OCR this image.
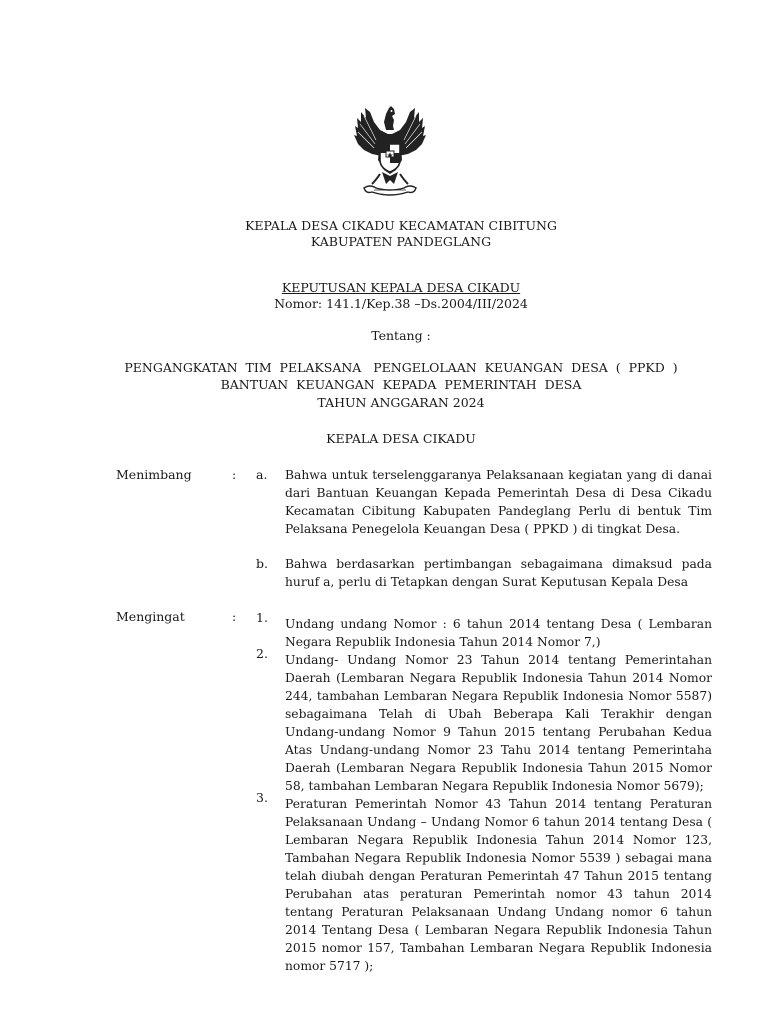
KEPALA DESA CIKADU KECAMATAN CIBITUNG
KABUPATEN PANDEGLANG
KEPUTUSAN KEPALA DESA CIKADU
Nomor: 141.1/Kep.38 –Ds.2004/III/2024
Tentang :
PENGANGKATAN  TIM  PELAKSANA   PENGELOLAAN  KEUANGAN  DESA  (  PPKD  )
BANTUAN  KEUANGAN  KEPADA  PEMERINTAH  DESA
TAHUN ANGGARAN 2024
KEPALA DESA CIKADU
Menimbang	: a. Bahwa untuk terselenggaranya Pelaksanaan kegiatan yang di danai dari Bantuan Keuangan Kepada Pemerintah Desa di Desa Cikadu Kecamatan Cibitung Kabupaten Pandeglang Perlu di bentuk Tim Pelaksana Penegelola Keuangan Desa ( PPKD ) di tingkat Desa.
b. Bahwa berdasarkan pertimbangan sebagaimana dimaksud pada huruf a, perlu di Tetapkan dengan Surat Keputusan Kepala Desa
Mengingat	: 1. Undang undang Nomor : 6 tahun 2014 tentang Desa ( Lembaran Negara Republik Indonesia Tahun 2014 Nomor 7,)
2. Undang- Undang Nomor 23 Tahun 2014 tentang Pemerintahan Daerah (Lembaran Negara Republik Indonesia Tahun 2014 Nomor 244, tambahan Lembaran Negara Republik Indonesia Nomor 5587) sebagaimana Telah di Ubah Beberapa Kali Terakhir dengan Undang-undang Nomor 9 Tahun 2015 tentang Perubahan Kedua Atas Undang-undang Nomor 23 Tahu 2014 tentang Pemerintaha Daerah (Lembaran Negara Republik Indonesia Tahun 2015 Nomor 58, tambahan Lembaran Negara Republik Indonesia Nomor 5679);
3. Peraturan Pemerintah Nomor 43 Tahun 2014 tentang Peraturan Pelaksanaan Undang – Undang Nomor 6 tahun 2014 tentang Desa ( Lembaran Negara Republik Indonesia Tahun 2014 Nomor 123, Tambahan Negara Republik Indonesia Nomor 5539 ) sebagai mana telah diubah dengan Peraturan Pemerintah 47 Tahun 2015 tentang Perubahan atas peraturan Pemerintah nomor 43 tahun 2014 tentang Peraturan Pelaksanaan Undang Undang nomor 6 tahun 2014 Tentang Desa ( Lembaran Negara Republik Indonesia Tahun 2015 nomor 157, Tambahan Lembaran Negara Republik Indonesia nomor 5717 );
